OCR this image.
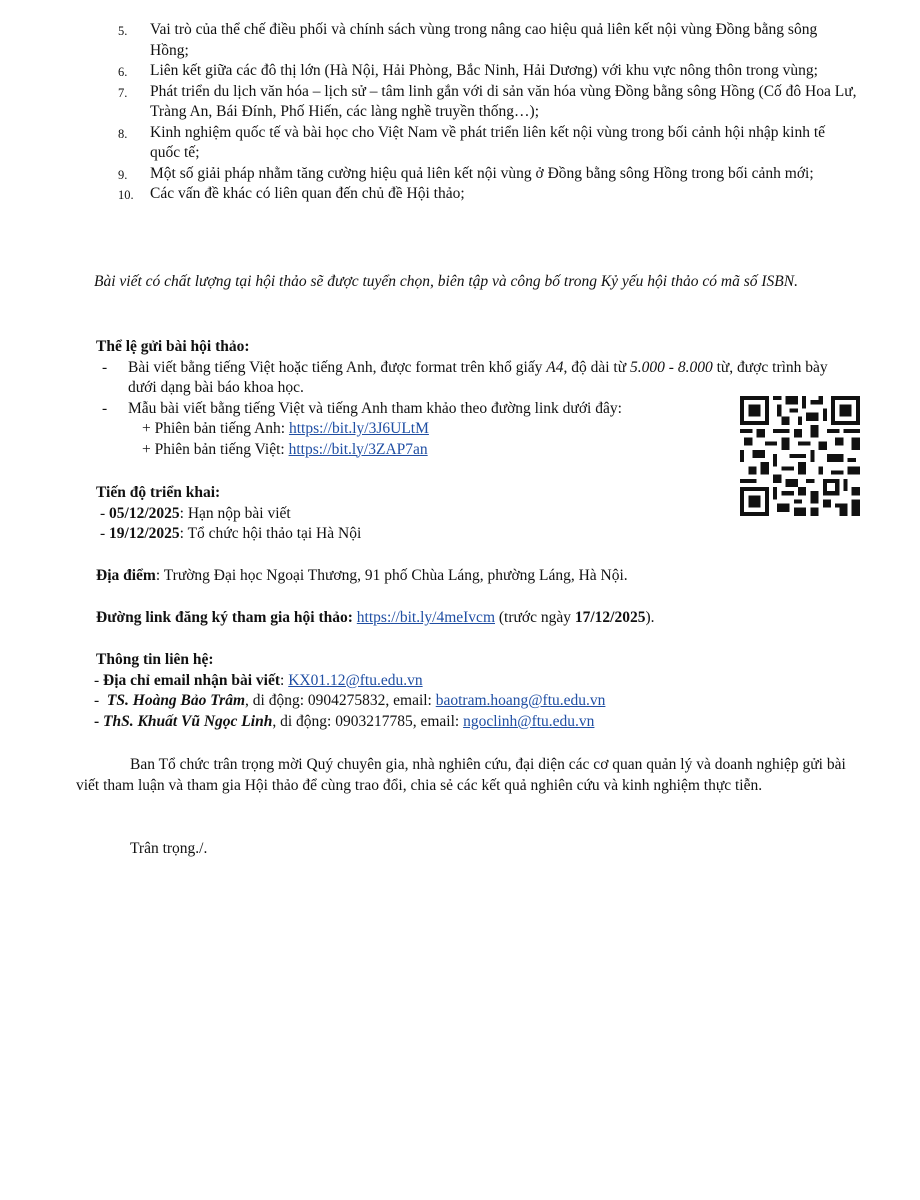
5. Vai trò của thể chế điều phối và chính sách vùng trong nâng cao hiệu quả liên kết nội vùng Đồng bằng sông Hồng;
6. Liên kết giữa các đô thị lớn (Hà Nội, Hải Phòng, Bắc Ninh, Hải Dương) với khu vực nông thôn trong vùng;
7. Phát triển du lịch văn hóa – lịch sử – tâm linh gắn với di sản văn hóa vùng Đồng bằng sông Hồng (Cố đô Hoa Lư, Tràng An, Bái Đính, Phố Hiến, các làng nghề truyền thống…);
8. Kinh nghiệm quốc tế và bài học cho Việt Nam về phát triển liên kết nội vùng trong bối cảnh hội nhập kinh tế quốc tế;
9. Một số giải pháp nhằm tăng cường hiệu quả liên kết nội vùng ở Đồng bằng sông Hồng trong bối cảnh mới;
10. Các vấn đề khác có liên quan đến chủ đề Hội thảo;

Bài viết có chất lượng tại hội thảo sẽ được tuyển chọn, biên tập và công bố trong Kỷ yếu hội thảo có mã số ISBN.

Thể lệ gửi bài hội thảo:
- Bài viết bằng tiếng Việt hoặc tiếng Anh, được format trên khổ giấy A4, độ dài từ 5.000 - 8.000 từ, được trình bày dưới dạng bài báo khoa học.
- Mẫu bài viết bằng tiếng Việt và tiếng Anh tham khảo theo đường link dưới đây:
+ Phiên bản tiếng Anh: https://bit.ly/3J6ULtM
+ Phiên bản tiếng Việt: https://bit.ly/3ZAP7an
Tiến độ triển khai:
- 05/12/2025: Hạn nộp bài viết
- 19/12/2025: Tổ chức hội thảo tại Hà Nội
Địa điểm: Trường Đại học Ngoại Thương, 91 phố Chùa Láng, phường Láng, Hà Nội.
Đường link đăng ký tham gia hội thảo: https://bit.ly/4meIvcm (trước ngày 17/12/2025).
Thông tin liên hệ:
- Địa chỉ email nhận bài viết: KX01.12@ftu.edu.vn
-  TS. Hoàng Bảo Trâm, di động: 0904275832, email: baotram.hoang@ftu.edu.vn
- ThS. Khuất Vũ Ngọc Linh, di động: 0903217785, email: ngoclinh@ftu.edu.vn

Ban Tổ chức trân trọng mời Quý chuyên gia, nhà nghiên cứu, đại diện các cơ quan quản lý và doanh nghiệp gửi bài viết tham luận và tham gia Hội thảo để cùng trao đổi, chia sẻ các kết quả nghiên cứu và kinh nghiệm thực tiễn.

Trân trọng./.
